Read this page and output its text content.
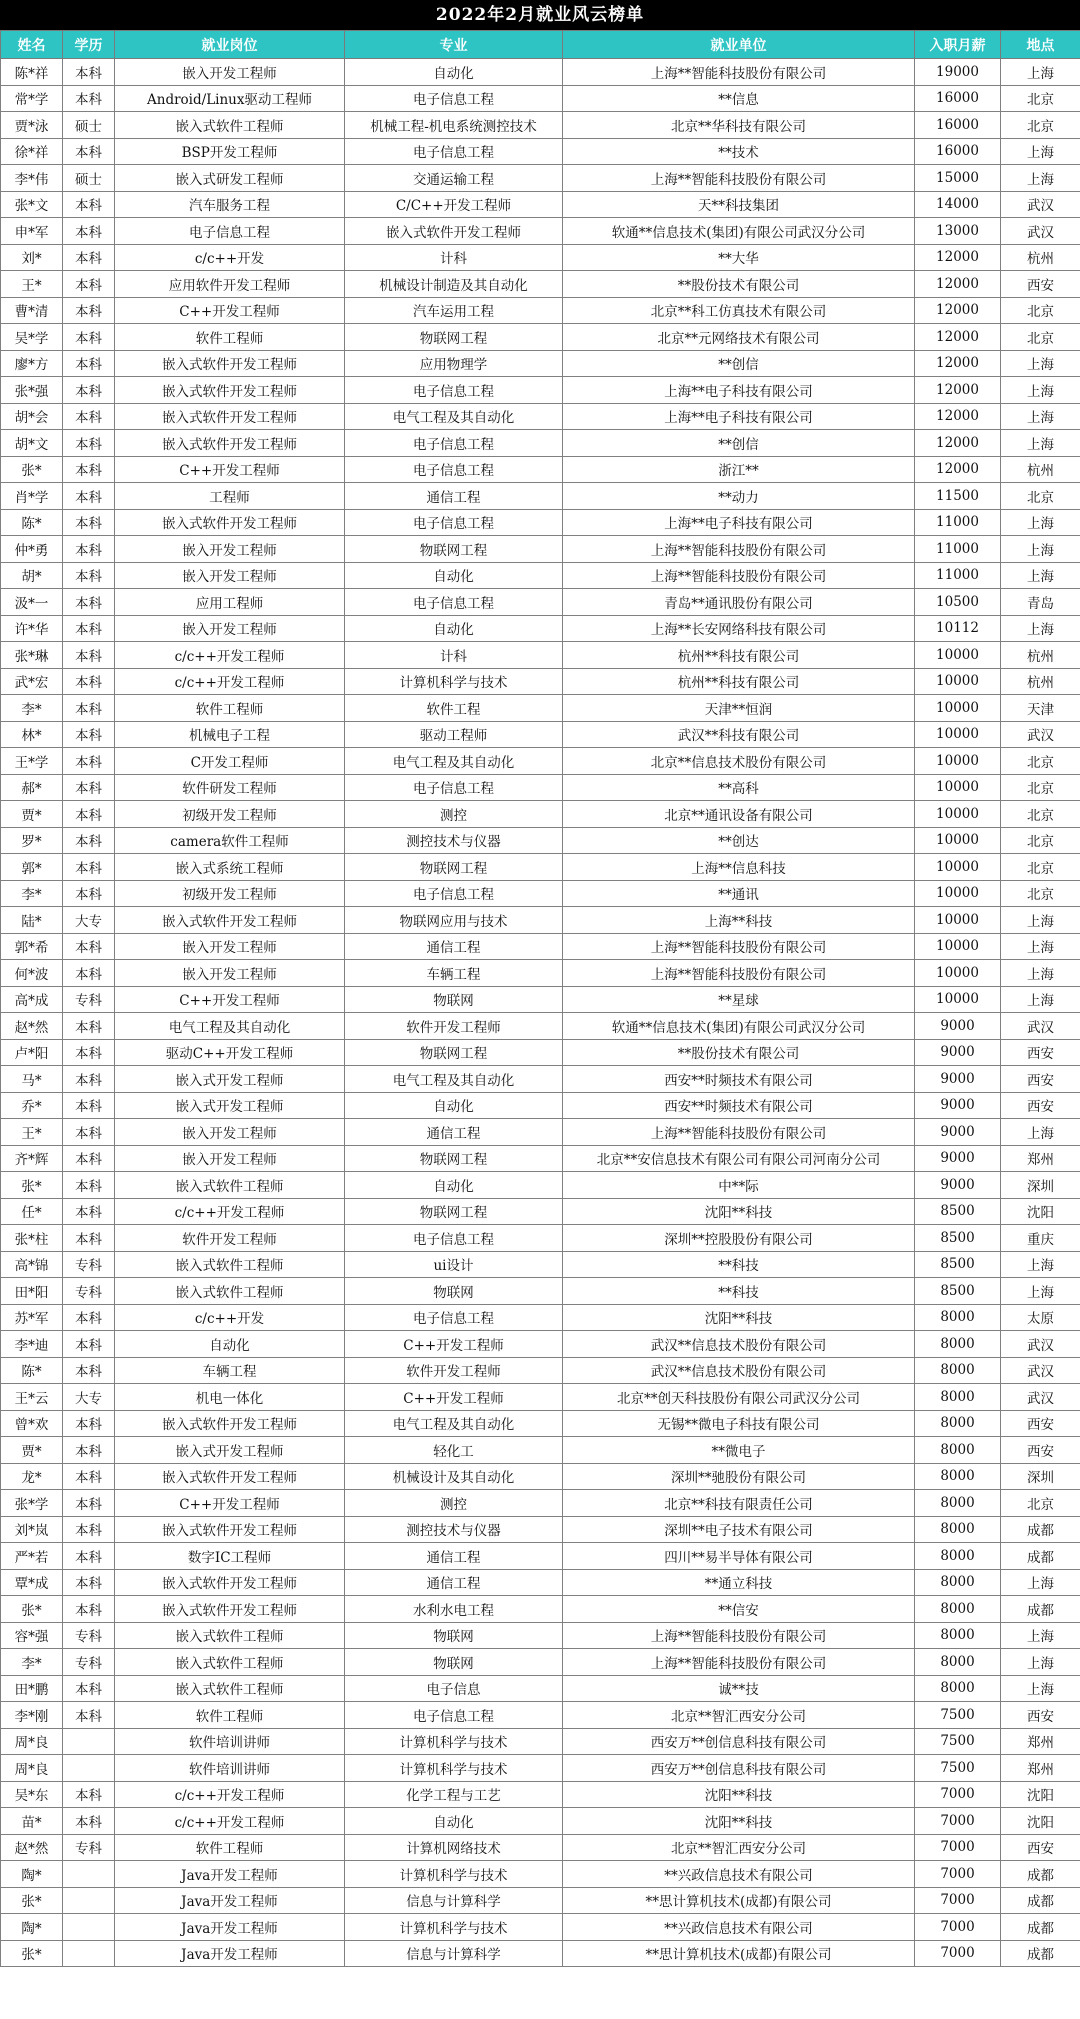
2022年2月就业风云榜单
姓名	学历	就业岗位	专业	就业单位	入职月薪	地点
陈*祥	本科	嵌入开发工程师	自动化	上海**智能科技股份有限公司	19000	上海
常*学	本科	Android/Linux驱动工程师	电子信息工程	**信息	16000	北京
贾*泳	硕士	嵌入式软件工程师	机械工程-机电系统测控技术	北京**华科技有限公司	16000	北京
徐*祥	本科	BSP开发工程师	电子信息工程	**技术	16000	上海
李*伟	硕士	嵌入式研发工程师	交通运输工程	上海**智能科技股份有限公司	15000	上海
张*文	本科	汽车服务工程	C/C++开发工程师	天**科技集团	14000	武汉
申*军	本科	电子信息工程	嵌入式软件开发工程师	软通**信息技术(集团)有限公司武汉分公司	13000	武汉
刘*	本科	c/c++开发	计科	**大华	12000	杭州
王*	本科	应用软件开发工程师	机械设计制造及其自动化	**股份技术有限公司	12000	西安
曹*清	本科	C++开发工程师	汽车运用工程	北京**科工仿真技术有限公司	12000	北京
吴*学	本科	软件工程师	物联网工程	北京**元网络技术有限公司	12000	北京
廖*方	本科	嵌入式软件开发工程师	应用物理学	**创信	12000	上海
张*强	本科	嵌入式软件开发工程师	电子信息工程	上海**电子科技有限公司	12000	上海
胡*会	本科	嵌入式软件开发工程师	电气工程及其自动化	上海**电子科技有限公司	12000	上海
胡*文	本科	嵌入式软件开发工程师	电子信息工程	**创信	12000	上海
张*	本科	C++开发工程师	电子信息工程	浙江**	12000	杭州
肖*学	本科	工程师	通信工程	**动力	11500	北京
陈*	本科	嵌入式软件开发工程师	电子信息工程	上海**电子科技有限公司	11000	上海
仲*勇	本科	嵌入开发工程师	物联网工程	上海**智能科技股份有限公司	11000	上海
胡*	本科	嵌入开发工程师	自动化	上海**智能科技股份有限公司	11000	上海
汲*一	本科	应用工程师	电子信息工程	青岛**通讯股份有限公司	10500	青岛
许*华	本科	嵌入开发工程师	自动化	上海**长安网络科技有限公司	10112	上海
张*琳	本科	c/c++开发工程师	计科	杭州**科技有限公司	10000	杭州
武*宏	本科	c/c++开发工程师	计算机科学与技术	杭州**科技有限公司	10000	杭州
李*	本科	软件工程师	软件工程	天津**恒润	10000	天津
林*	本科	机械电子工程	驱动工程师	武汉**科技有限公司	10000	武汉
王*学	本科	C开发工程师	电气工程及其自动化	北京**信息技术股份有限公司	10000	北京
郝*	本科	软件研发工程师	电子信息工程	**高科	10000	北京
贾*	本科	初级开发工程师	测控	北京**通讯设备有限公司	10000	北京
罗*	本科	camera软件工程师	测控技术与仪器	**创达	10000	北京
郭*	本科	嵌入式系统工程师	物联网工程	上海**信息科技	10000	北京
李*	本科	初级开发工程师	电子信息工程	**通讯	10000	北京
陆*	大专	嵌入式软件开发工程师	物联网应用与技术	上海**科技	10000	上海
郭*希	本科	嵌入开发工程师	通信工程	上海**智能科技股份有限公司	10000	上海
何*波	本科	嵌入开发工程师	车辆工程	上海**智能科技股份有限公司	10000	上海
高*成	专科	C++开发工程师	物联网	**星球	10000	上海
赵*然	本科	电气工程及其自动化	软件开发工程师	软通**信息技术(集团)有限公司武汉分公司	9000	武汉
卢*阳	本科	驱动C++开发工程师	物联网工程	**股份技术有限公司	9000	西安
马*	本科	嵌入式开发工程师	电气工程及其自动化	西安**时频技术有限公司	9000	西安
乔*	本科	嵌入式开发工程师	自动化	西安**时频技术有限公司	9000	西安
王*	本科	嵌入开发工程师	通信工程	上海**智能科技股份有限公司	9000	上海
齐*辉	本科	嵌入开发工程师	物联网工程	北京**安信息技术有限公司有限公司河南分公司	9000	郑州
张*	本科	嵌入式软件工程师	自动化	中**际	9000	深圳
任*	本科	c/c++开发工程师	物联网工程	沈阳**科技	8500	沈阳
张*柱	本科	软件开发工程师	电子信息工程	深圳**控股股份有限公司	8500	重庆
高*锦	专科	嵌入式软件工程师	ui设计	**科技	8500	上海
田*阳	专科	嵌入式软件工程师	物联网	**科技	8500	上海
苏*军	本科	c/c++开发	电子信息工程	沈阳**科技	8000	太原
李*迪	本科	自动化	C++开发工程师	武汉**信息技术股份有限公司	8000	武汉
陈*	本科	车辆工程	软件开发工程师	武汉**信息技术股份有限公司	8000	武汉
王*云	大专	机电一体化	C++开发工程师	北京**创天科技股份有限公司武汉分公司	8000	武汉
曾*欢	本科	嵌入式软件开发工程师	电气工程及其自动化	无锡**微电子科技有限公司	8000	西安
贾*	本科	嵌入式开发工程师	轻化工	**微电子	8000	西安
龙*	本科	嵌入式软件开发工程师	机械设计及其自动化	深圳**驰股份有限公司	8000	深圳
张*学	本科	C++开发工程师	测控	北京**科技有限责任公司	8000	北京
刘*岚	本科	嵌入式软件开发工程师	测控技术与仪器	深圳**电子技术有限公司	8000	成都
严*若	本科	数字IC工程师	通信工程	四川**易半导体有限公司	8000	成都
覃*成	本科	嵌入式软件开发工程师	通信工程	**通立科技	8000	上海
张*	本科	嵌入式软件开发工程师	水利水电工程	**信安	8000	成都
容*强	专科	嵌入式软件工程师	物联网	上海**智能科技股份有限公司	8000	上海
李*	专科	嵌入式软件工程师	物联网	上海**智能科技股份有限公司	8000	上海
田*鹏	本科	嵌入式软件工程师	电子信息	诚**技	8000	上海
李*刚	本科	软件工程师	电子信息工程	北京**智汇西安分公司	7500	西安
周*良		软件培训讲师	计算机科学与技术	西安万**创信息科技有限公司	7500	郑州
周*良		软件培训讲师	计算机科学与技术	西安万**创信息科技有限公司	7500	郑州
吴*东	本科	c/c++开发工程师	化学工程与工艺	沈阳**科技	7000	沈阳
苗*	本科	c/c++开发工程师	自动化	沈阳**科技	7000	沈阳
赵*然	专科	软件工程师	计算机网络技术	北京**智汇西安分公司	7000	西安
陶*		Java开发工程师	计算机科学与技术	**兴政信息技术有限公司	7000	成都
张*		Java开发工程师	信息与计算科学	**思计算机技术(成都)有限公司	7000	成都
陶*		Java开发工程师	计算机科学与技术	**兴政信息技术有限公司	7000	成都
张*		Java开发工程师	信息与计算科学	**思计算机技术(成都)有限公司	7000	成都
